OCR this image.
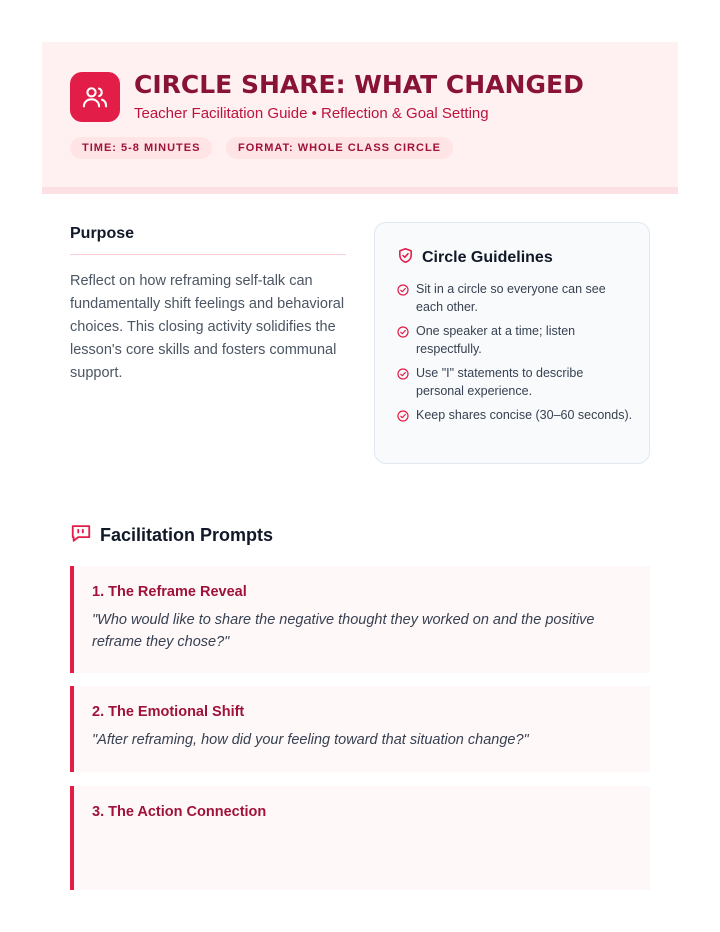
CIRCLE SHARE: WHAT CHANGED
Teacher Facilitation Guide • Reflection & Goal Setting
TIME: 5-8 MINUTES	FORMAT: WHOLE CLASS CIRCLE
Purpose
Reflect on how reframing self-talk can fundamentally shift feelings and behavioral choices. This closing activity solidifies the lesson's core skills and fosters communal support.
Circle Guidelines
Sit in a circle so everyone can see each other.
One speaker at a time; listen respectfully.
Use "I" statements to describe personal experience.
Keep shares concise (30–60 seconds).
Facilitation Prompts
1. The Reframe Reveal
"Who would like to share the negative thought they worked on and the positive reframe they chose?"
2. The Emotional Shift
"After reframing, how did your feeling toward that situation change?"
3. The Action Connection
